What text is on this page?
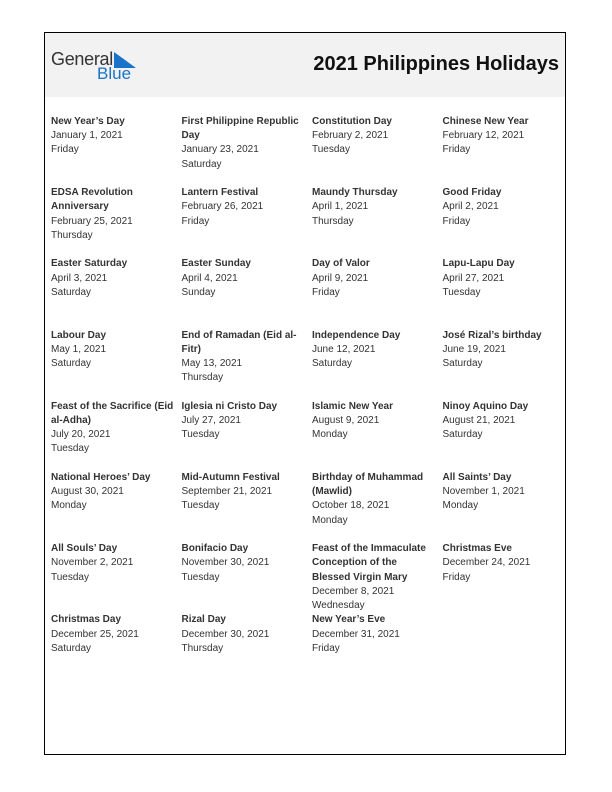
General
Blue	2021 Philippines Holidays
New Year’s Day
January 1, 2021
Friday
First Philippine Republic Day
January 23, 2021
Saturday
Constitution Day
February 2, 2021
Tuesday
Chinese New Year
February 12, 2021
Friday
EDSA Revolution Anniversary
February 25, 2021
Thursday
Lantern Festival
February 26, 2021
Friday
Maundy Thursday
April 1, 2021
Thursday
Good Friday
April 2, 2021
Friday
Easter Saturday
April 3, 2021
Saturday
Easter Sunday
April 4, 2021
Sunday
Day of Valor
April 9, 2021
Friday
Lapu-Lapu Day
April 27, 2021
Tuesday
Labour Day
May 1, 2021
Saturday
End of Ramadan (Eid al-Fitr)
May 13, 2021
Thursday
Independence Day
June 12, 2021
Saturday
José Rizal’s birthday
June 19, 2021
Saturday
Feast of the Sacrifice (Eid al-Adha)
July 20, 2021
Tuesday
Iglesia ni Cristo Day
July 27, 2021
Tuesday
Islamic New Year
August 9, 2021
Monday
Ninoy Aquino Day
August 21, 2021
Saturday
National Heroes’ Day
August 30, 2021
Monday
Mid-Autumn Festival
September 21, 2021
Tuesday
Birthday of Muhammad (Mawlid)
October 18, 2021
Monday
All Saints’ Day
November 1, 2021
Monday
All Souls’ Day
November 2, 2021
Tuesday
Bonifacio Day
November 30, 2021
Tuesday
Feast of the Immaculate Conception of the Blessed Virgin Mary
December 8, 2021
Wednesday
Christmas Eve
December 24, 2021
Friday
Christmas Day
December 25, 2021
Saturday
Rizal Day
December 30, 2021
Thursday
New Year’s Eve
December 31, 2021
Friday
